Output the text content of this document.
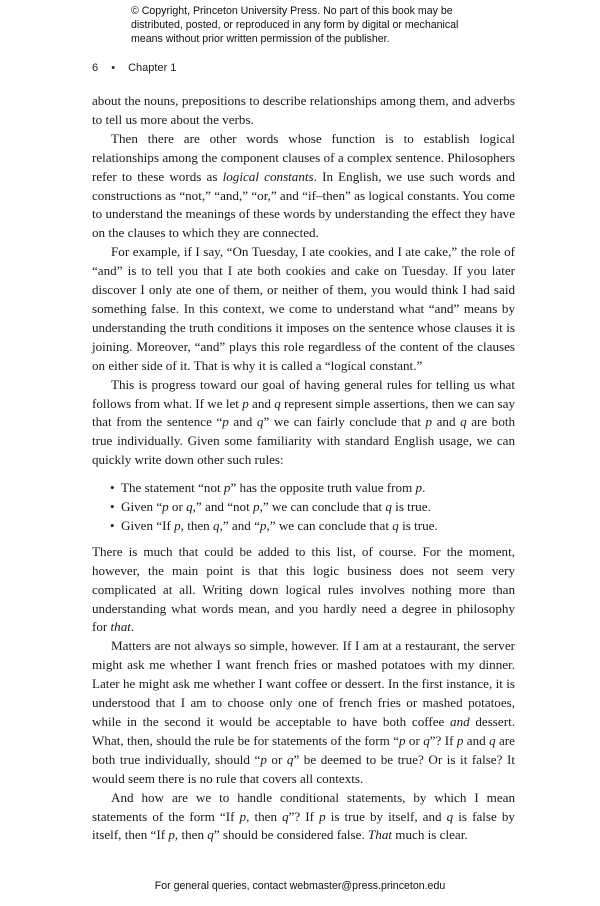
© Copyright, Princeton University Press. No part of this book may be
distributed, posted, or reproduced in any form by digital or mechanical
means without prior written permission of the publisher.
6 • Chapter 1

about the nouns, prepositions to describe relationships among them, and adverbs to tell us more about the verbs.

Then there are other words whose function is to establish logical relationships among the component clauses of a complex sentence. Philosophers refer to these words as logical constants. In English, we use such words and constructions as “not,” “and,” “or,” and “if–then” as logical constants. You come to understand the meanings of these words by understanding the effect they have on the clauses to which they are connected.

For example, if I say, “On Tuesday, I ate cookies, and I ate cake,” the role of “and” is to tell you that I ate both cookies and cake on Tuesday. If you later discover I only ate one of them, or neither of them, you would think I had said something false. In this context, we come to understand what “and” means by understanding the truth conditions it imposes on the sentence whose clauses it is joining. Moreover, “and” plays this role regardless of the content of the clauses on either side of it. That is why it is called a “logical constant.”

This is progress toward our goal of having general rules for telling us what follows from what. If we let p and q represent simple assertions, then we can say that from the sentence “p and q” we can fairly conclude that p and q are both true individually. Given some familiarity with standard English usage, we can quickly write down other such rules:

• The statement “not p” has the opposite truth value from p.
• Given “p or q,” and “not p,” we can conclude that q is true.
• Given “If p, then q,” and “p,” we can conclude that q is true.

There is much that could be added to this list, of course. For the moment, however, the main point is that this logic business does not seem very complicated at all. Writing down logical rules involves nothing more than understanding what words mean, and you hardly need a degree in philosophy for that.

Matters are not always so simple, however. If I am at a restaurant, the server might ask me whether I want french fries or mashed potatoes with my dinner. Later he might ask me whether I want coffee or dessert. In the first instance, it is understood that I am to choose only one of french fries or mashed potatoes, while in the second it would be acceptable to have both coffee and dessert. What, then, should the rule be for statements of the form “p or q”? If p and q are both true individually, should “p or q” be deemed to be true? Or is it false? It would seem there is no rule that covers all contexts.

And how are we to handle conditional statements, by which I mean statements of the form “If p, then q”? If p is true by itself, and q is false by itself, then “If p, then q” should be considered false. That much is clear.

For general queries, contact webmaster@press.princeton.edu
